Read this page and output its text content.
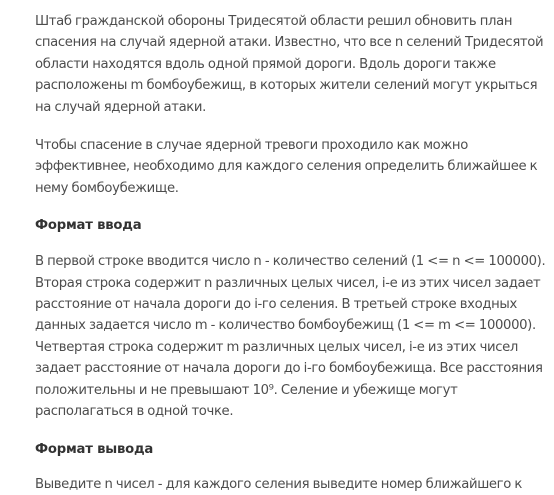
Штаб гражданской обороны Тридесятой области решил обновить план
спасения на случай ядерной атаки. Известно, что все n селений Тридесятой
области находятся вдоль одной прямой дороги. Вдоль дороги также
расположены m бомбоубежищ, в которых жители селений могут укрыться
на случай ядерной атаки.

Чтобы спасение в случае ядерной тревоги проходило как можно
эффективнее, необходимо для каждого селения определить ближайшее к
нему бомбоубежище.

Формат ввода

В первой строке вводится число n - количество селений (1 <= n <= 100000).
Вторая строка содержит n различных целых чисел, i-е из этих чисел задает
расстояние от начала дороги до i-го селения. В третьей строке входных
данных задается число m - количество бомбоубежищ (1 <= m <= 100000).
Четвертая строка содержит m различных целых чисел, i-е из этих чисел
задает расстояние от начала дороги до i-го бомбоубежища. Все расстояния
положительны и не превышают 10⁹. Селение и убежище могут
располагаться в одной точке.

Формат вывода

Выведите n чисел - для каждого селения выведите номер ближайшего к
